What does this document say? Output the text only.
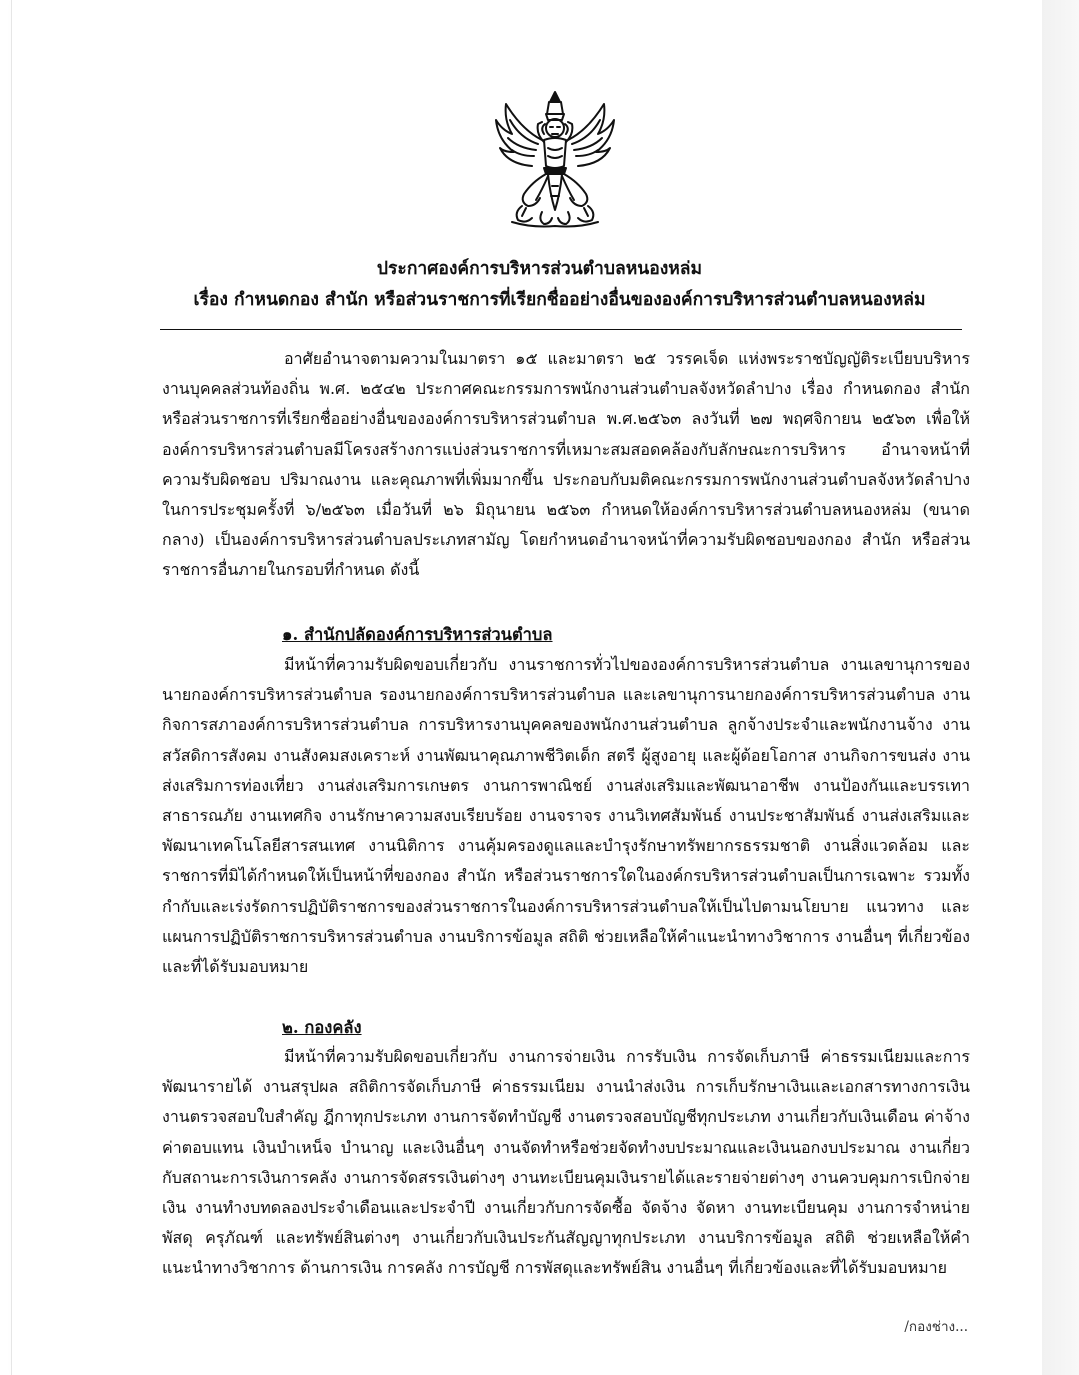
ประกาศองค์การบริหารส่วนตำบลหนองหล่ม
เรื่อง กำหนดกอง สำนัก หรือส่วนราชการที่เรียกชื่ออย่างอื่นขององค์การบริหารส่วนตำบลหนองหล่ม

อาศัยอำนาจตามความในมาตรา ๑๕ และมาตรา ๒๕ วรรคเจ็ด แห่งพระราชบัญญัติระเบียบบริหารงานบุคคลส่วนท้องถิ่น พ.ศ. ๒๕๔๒ ประกาศคณะกรรมการพนักงานส่วนตำบลจังหวัดลำปาง เรื่อง กำหนดกอง สำนัก หรือส่วนราชการที่เรียกชื่ออย่างอื่นขององค์การบริหารส่วนตำบล พ.ศ.๒๕๖๓ ลงวันที่ ๒๗ พฤศจิกายน ๒๕๖๓ เพื่อให้องค์การบริหารส่วนตำบลมีโครงสร้างการแบ่งส่วนราชการที่เหมาะสมสอดคล้องกับลักษณะการบริหาร อำนาจหน้าที่ ความรับผิดชอบ ปริมาณงาน และคุณภาพที่เพิ่มมากขึ้น ประกอบกับมติคณะกรรมการพนักงานส่วนตำบลจังหวัดลำปาง ในการประชุมครั้งที่ ๖/๒๕๖๓ เมื่อวันที่ ๒๖ มิถุนายน ๒๕๖๓ กำหนดให้องค์การบริหารส่วนตำบลหนองหล่ม (ขนาดกลาง) เป็นองค์การบริหารส่วนตำบลประเภทสามัญ โดยกำหนดอำนาจหน้าที่ความรับผิดชอบของกอง สำนัก หรือส่วนราชการอื่นภายในกรอบที่กำหนด ดังนี้

๑. สำนักปลัดองค์การบริหารส่วนตำบล

มีหน้าที่ความรับผิดขอบเกี่ยวกับ งานราชการทั่วไปขององค์การบริหารส่วนตำบล งานเลขานุการของนายกองค์การบริหารส่วนตำบล รองนายกองค์การบริหารส่วนตำบล และเลขานุการนายกองค์การบริหารส่วนตำบล งานกิจการสภาองค์การบริหารส่วนตำบล การบริหารงานบุคคลของพนักงานส่วนตำบล ลูกจ้างประจำและพนักงานจ้าง งานสวัสดิการสังคม งานสังคมสงเคราะห์ งานพัฒนาคุณภาพชีวิตเด็ก สตรี ผู้สูงอายุ และผู้ด้อยโอกาส งานกิจการขนส่ง งานส่งเสริมการท่องเที่ยว งานส่งเสริมการเกษตร งานการพาณิชย์ งานส่งเสริมและพัฒนาอาชีพ งานป้องกันและบรรเทาสาธารณภัย งานเทศกิจ งานรักษาความสงบเรียบร้อย งานจราจร งานวิเทศสัมพันธ์ งานประชาสัมพันธ์ งานส่งเสริมและพัฒนาเทคโนโลยีสารสนเทศ งานนิติการ งานคุ้มครองดูแลและบำรุงรักษาทรัพยากรธรรมชาติ งานสิ่งแวดล้อม และราชการที่มิได้กำหนดให้เป็นหน้าที่ของกอง สำนัก หรือส่วนราชการใดในองค์กรบริหารส่วนตำบลเป็นการเฉพาะ รวมทั้งกำกับและเร่งรัดการปฏิบัติราชการของส่วนราชการในองค์การบริหารส่วนตำบลให้เป็นไปตามนโยบาย แนวทาง และแผนการปฏิบัติราชการบริหารส่วนตำบล งานบริการข้อมูล สถิติ ช่วยเหลือให้คำแนะนำทางวิชาการ งานอื่นๆ ที่เกี่ยวข้องและที่ได้รับมอบหมาย

๒. กองคลัง

มีหน้าที่ความรับผิดขอบเกี่ยวกับ งานการจ่ายเงิน การรับเงิน การจัดเก็บภาษี ค่าธรรมเนียมและการพัฒนารายได้ งานสรุปผล สถิติการจัดเก็บภาษี ค่าธรรมเนียม งานนำส่งเงิน การเก็บรักษาเงินและเอกสารทางการเงิน งานตรวจสอบใบสำคัญ ฎีกาทุกประเภท งานการจัดทำบัญชี งานตรวจสอบบัญชีทุกประเภท งานเกี่ยวกับเงินเดือน ค่าจ้าง ค่าตอบแทน เงินบำเหน็จ บำนาญ และเงินอื่นๆ งานจัดทำหรือช่วยจัดทำงบประมาณและเงินนอกงบประมาณ งานเกี่ยวกับสถานะการเงินการคลัง งานการจัดสรรเงินต่างๆ งานทะเบียนคุมเงินรายได้และรายจ่ายต่างๆ งานควบคุมการเบิกจ่ายเงิน งานทำงบทดลองประจำเดือนและประจำปี งานเกี่ยวกับการจัดซื้อ จัดจ้าง จัดหา งานทะเบียนคุม งานการจำหน่าย พัสดุ ครุภัณฑ์ และทรัพย์สินต่างๆ งานเกี่ยวกับเงินประกันสัญญาทุกประเภท งานบริการข้อมูล สถิติ ช่วยเหลือให้คำแนะนำทางวิชาการ ด้านการเงิน การคลัง การบัญชี การพัสดุและทรัพย์สิน งานอื่นๆ ที่เกี่ยวข้องและที่ได้รับมอบหมาย

/กองช่าง...
